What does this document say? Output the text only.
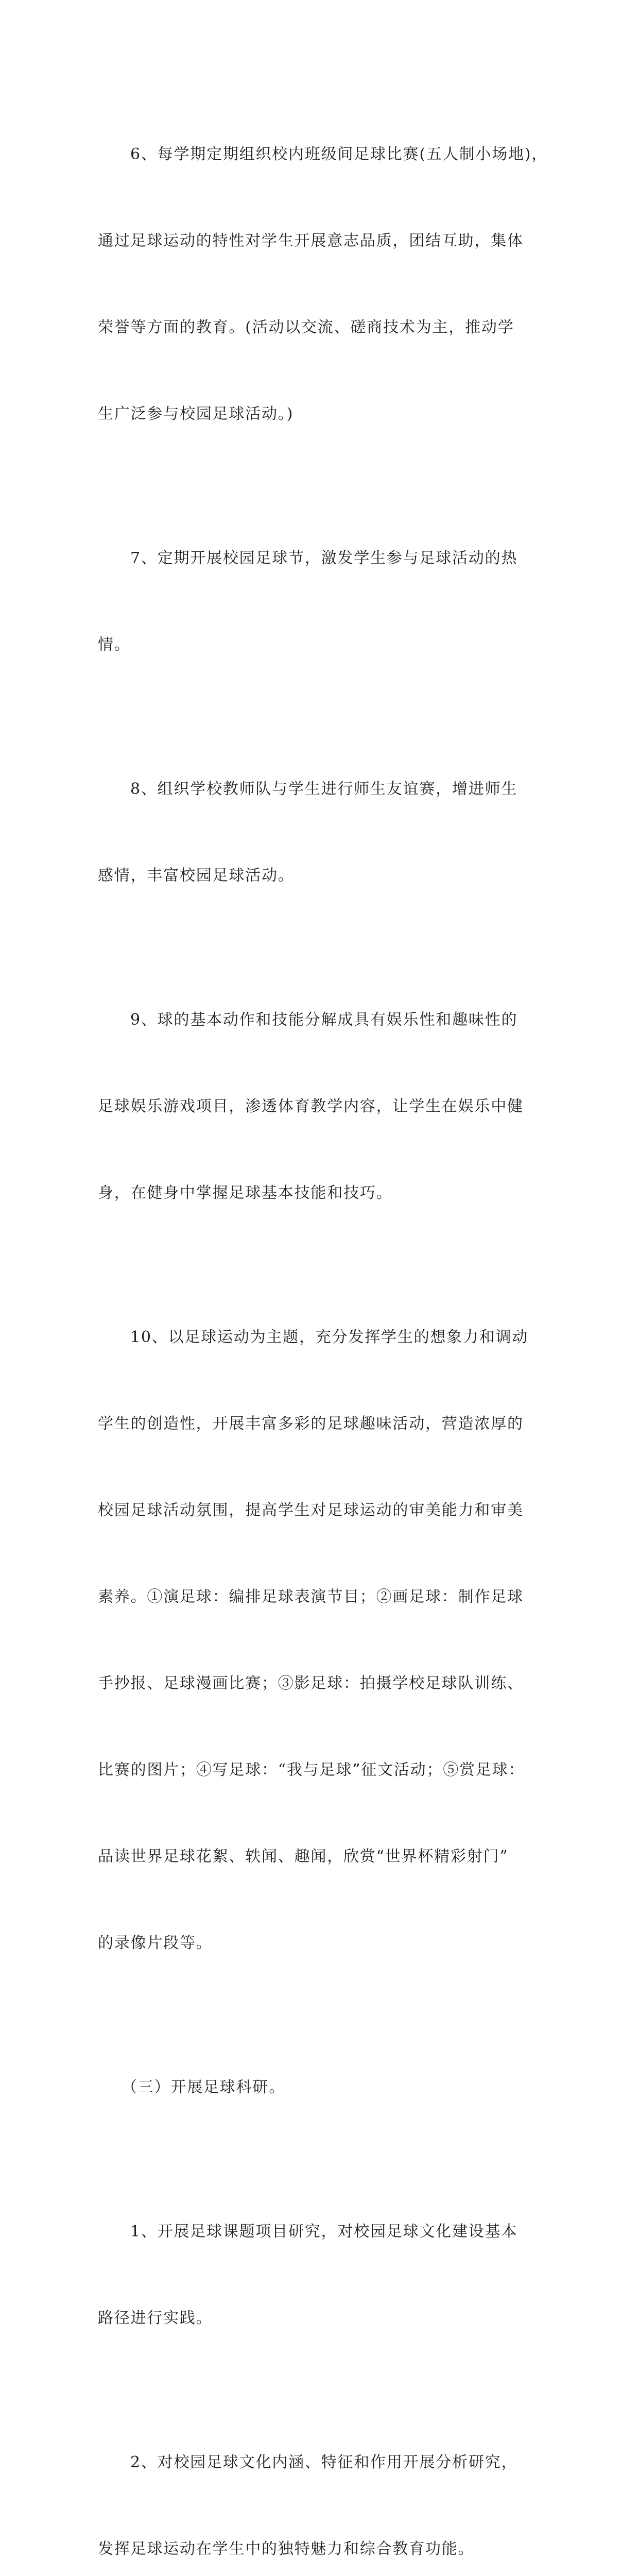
6、每学期定期组织校内班级间足球比赛(五人制小场地)，

通过足球运动的特性对学生开展意志品质，团结互助，集体

荣誉等方面的教育。(活动以交流、磋商技术为主，推动学

生广泛参与校园足球活动。)

7、定期开展校园足球节，激发学生参与足球活动的热

情。

8、组织学校教师队与学生进行师生友谊赛，增进师生

感情，丰富校园足球活动。

9、球的基本动作和技能分解成具有娱乐性和趣味性的

足球娱乐游戏项目，渗透体育教学内容，让学生在娱乐中健

身，在健身中掌握足球基本技能和技巧。

10、以足球运动为主题，充分发挥学生的想象力和调动

学生的创造性，开展丰富多彩的足球趣味活动，营造浓厚的

校园足球活动氛围，提高学生对足球运动的审美能力和审美

素养。①演足球：编排足球表演节目；②画足球：制作足球

手抄报、足球漫画比赛；③影足球：拍摄学校足球队训练、

比赛的图片；④写足球：“我与足球”征文活动；⑤赏足球：

品读世界足球花絮、轶闻、趣闻，欣赏“世界杯精彩射门”

的录像片段等。

（三）开展足球科研。

1、开展足球课题项目研究，对校园足球文化建设基本

路径进行实践。

2、对校园足球文化内涵、特征和作用开展分析研究，

发挥足球运动在学生中的独特魅力和综合教育功能。
